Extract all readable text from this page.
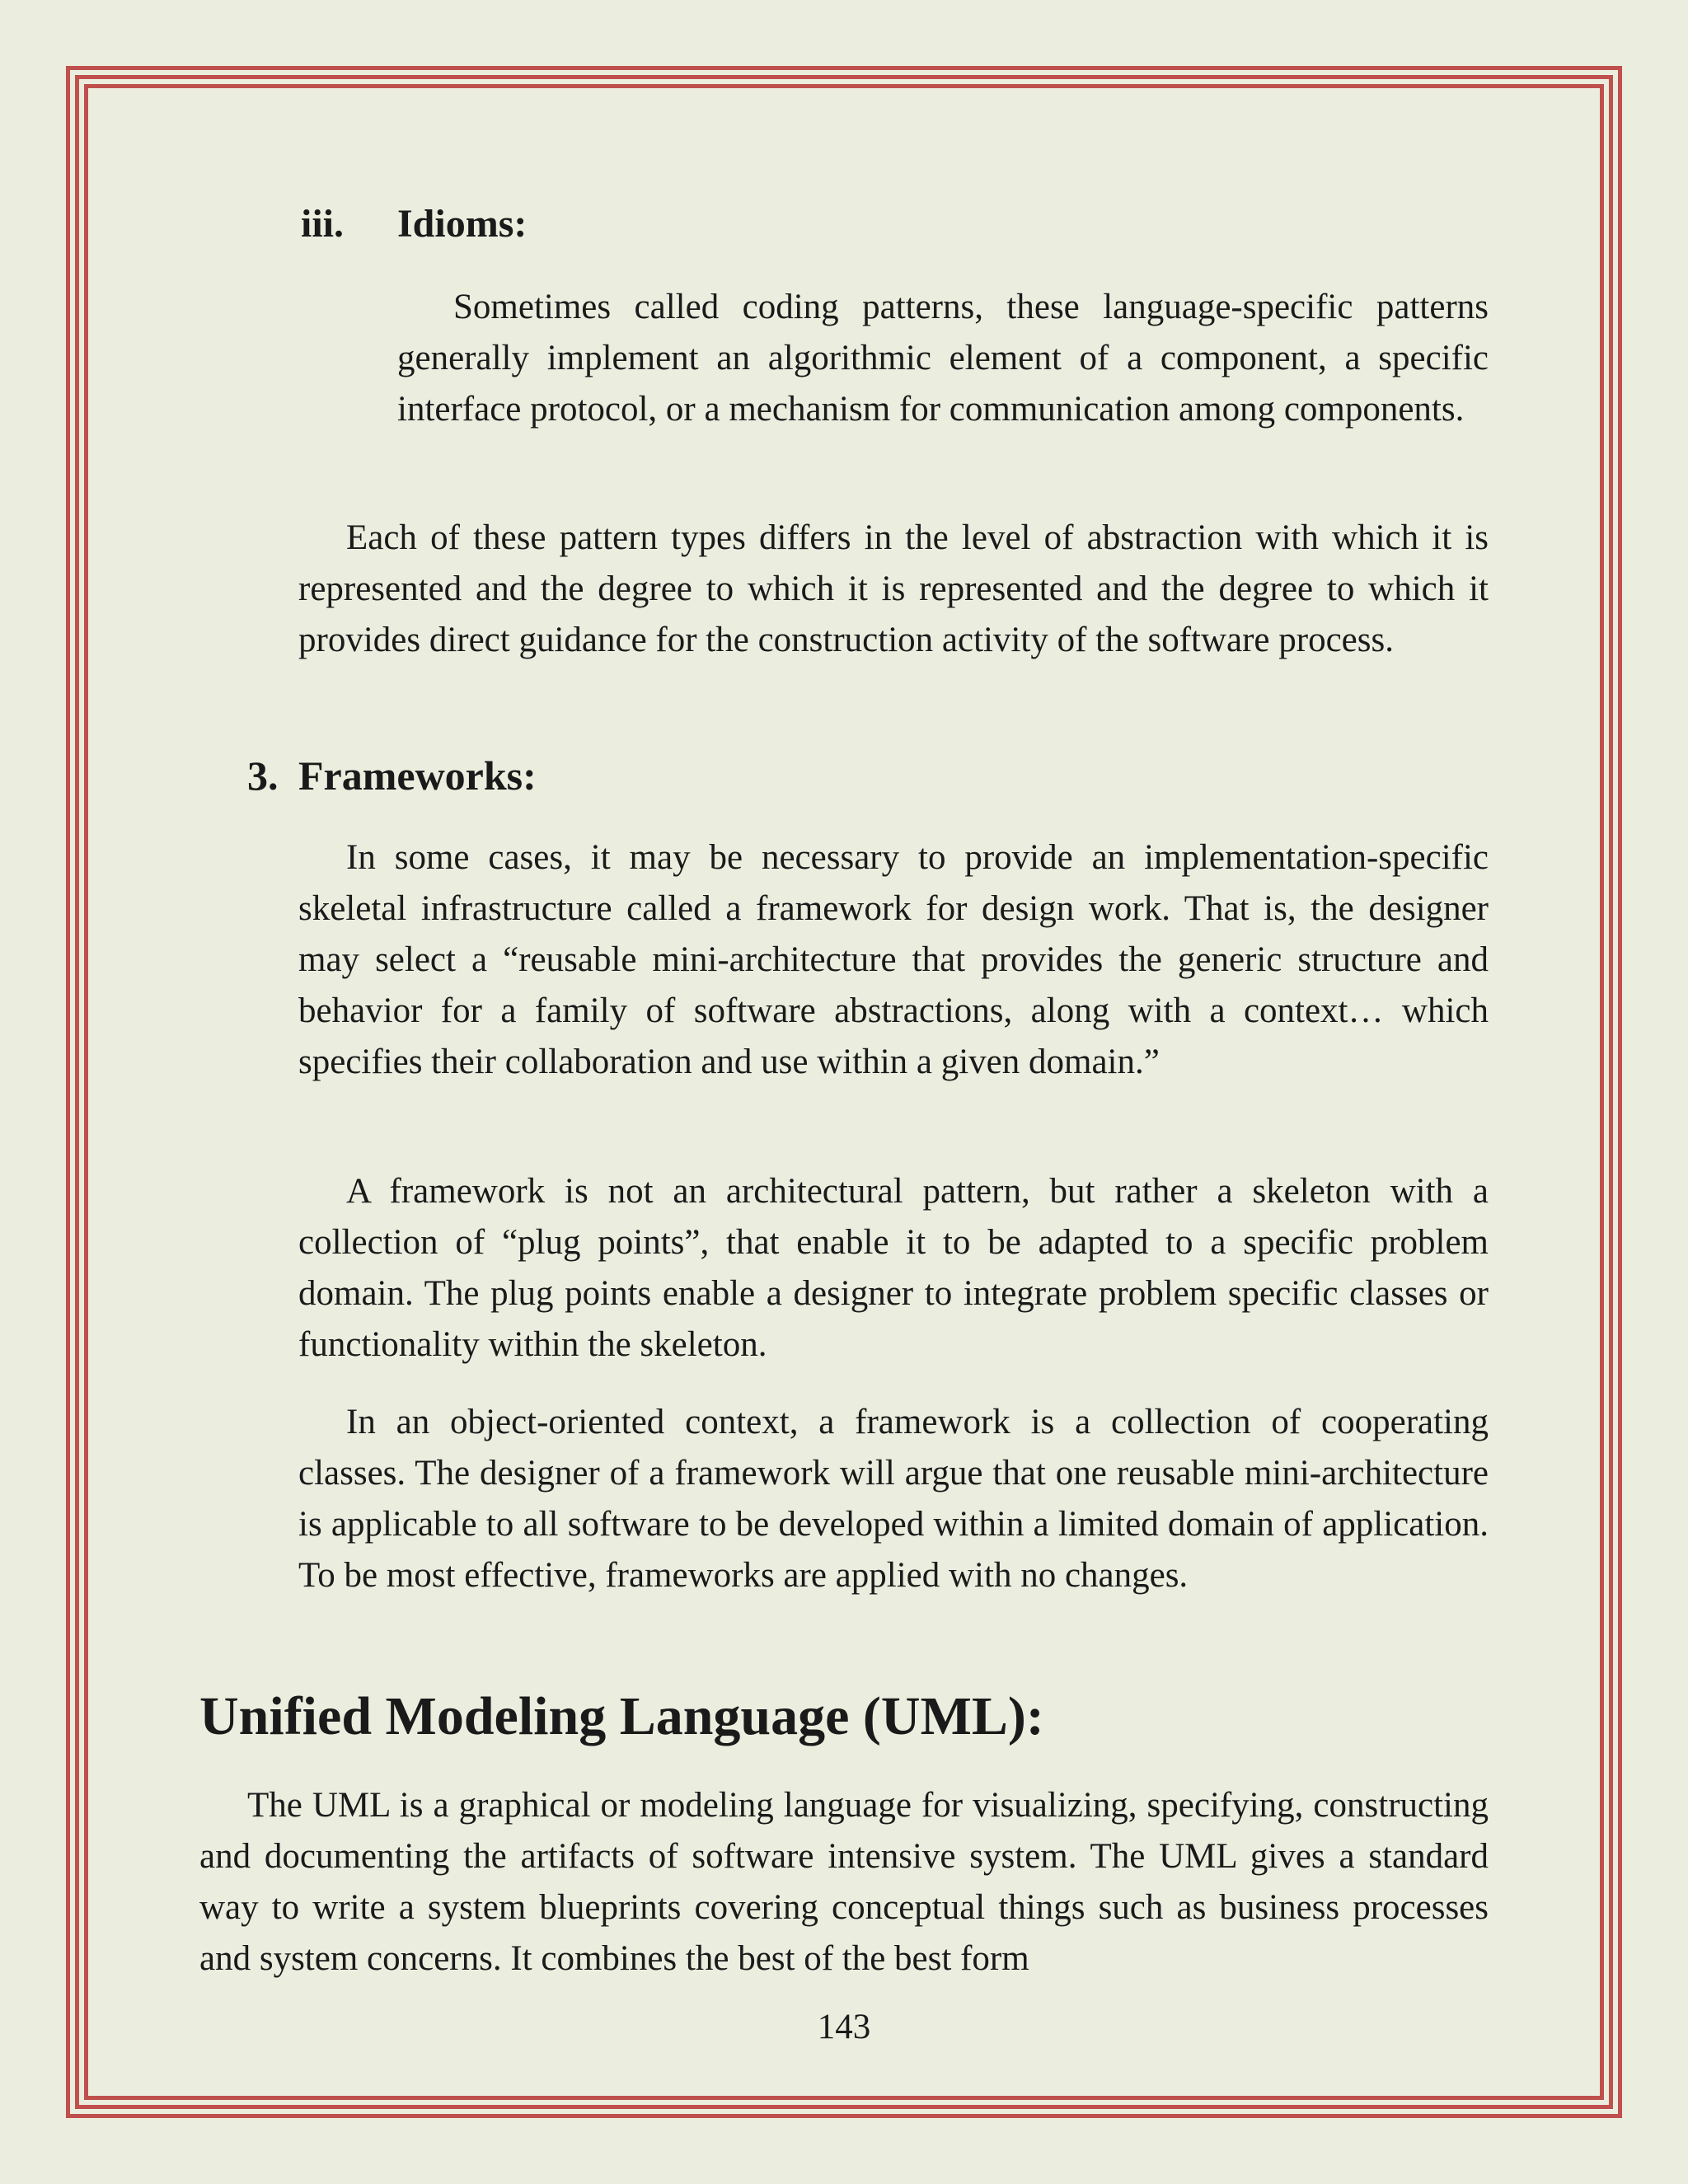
iii. Idioms:

Sometimes called coding patterns, these language-specific patterns generally implement an algorithmic element of a component, a specific interface protocol, or a mechanism for communication among components.

Each of these pattern types differs in the level of abstraction with which it is represented and the degree to which it is represented and the degree to which it provides direct guidance for the construction activity of the software process.

3. Frameworks:

In some cases, it may be necessary to provide an implementation-specific skeletal infrastructure called a framework for design work. That is, the designer may select a “reusable mini-architecture that provides the generic structure and behavior for a family of software abstractions, along with a context… which specifies their collaboration and use within a given domain.”

A framework is not an architectural pattern, but rather a skeleton with a collection of “plug points”, that enable it to be adapted to a specific problem domain. The plug points enable a designer to integrate problem specific classes or functionality within the skeleton.

In an object-oriented context, a framework is a collection of cooperating classes. The designer of a framework will argue that one reusable mini-architecture is applicable to all software to be developed within a limited domain of application. To be most effective, frameworks are applied with no changes.

Unified Modeling Language (UML):

The UML is a graphical or modeling language for visualizing, specifying, constructing and documenting the artifacts of software intensive system. The UML gives a standard way to write a system blueprints covering conceptual things such as business processes and system concerns. It combines the best of the best form

143
